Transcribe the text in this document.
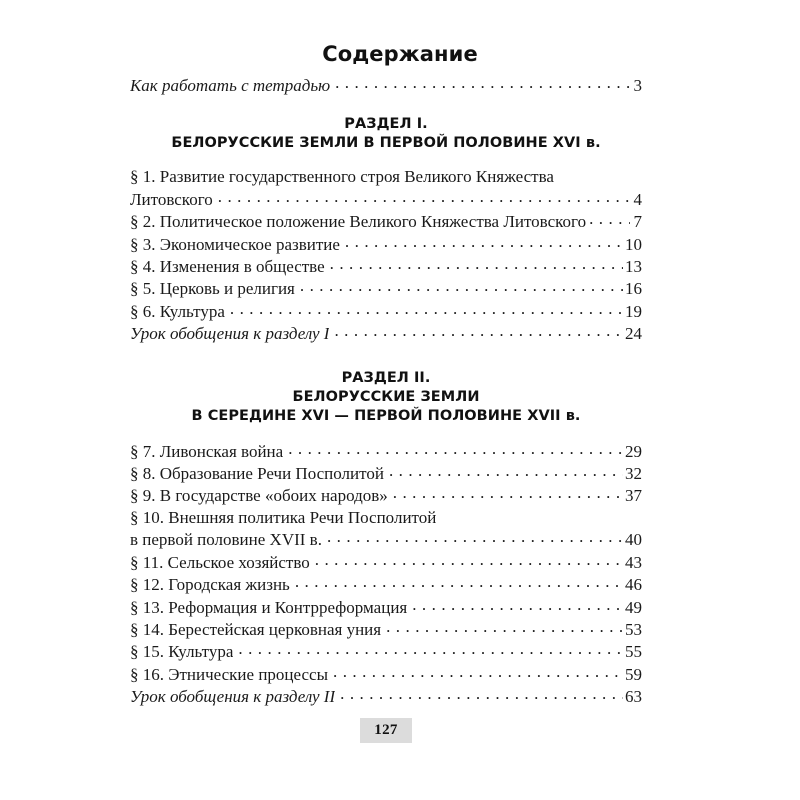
Содержание
Как работать с тетрадью . . .	3
РАЗДЕЛ I.
БЕЛОРУССКИЕ ЗЕМЛИ В ПЕРВОЙ ПОЛОВИНЕ XVI в.
§ 1. Развитие государственного строя Великого Княжества
Литовского . . .	4
§ 2. Политическое положение Великого Княжества Литовского . . .	7
§ 3. Экономическое развитие . . .	10
§ 4. Изменения в обществе . . .	13
§ 5. Церковь и религия . . .	16
§ 6. Культура . . .	19
Урок обобщения к разделу I . . .	24
РАЗДЕЛ II.
БЕЛОРУССКИЕ ЗЕМЛИ
В СЕРЕДИНЕ XVI — ПЕРВОЙ ПОЛОВИНЕ XVII в.
§ 7. Ливонская война . . .	29
§ 8. Образование Речи Посполитой . . .	32
§ 9. В государстве «обоих народов» . . .	37
§ 10. Внешняя политика Речи Посполитой
в первой половине XVII в. . . .	40
§ 11. Сельское хозяйство . . .	43
§ 12. Городская жизнь . . .	46
§ 13. Реформация и Контрреформация . . .	49
§ 14. Берестейская церковная уния . . .	53
§ 15. Культура . . .	55
§ 16. Этнические процессы . . .	59
Урок обобщения к разделу II . . .	63
127
